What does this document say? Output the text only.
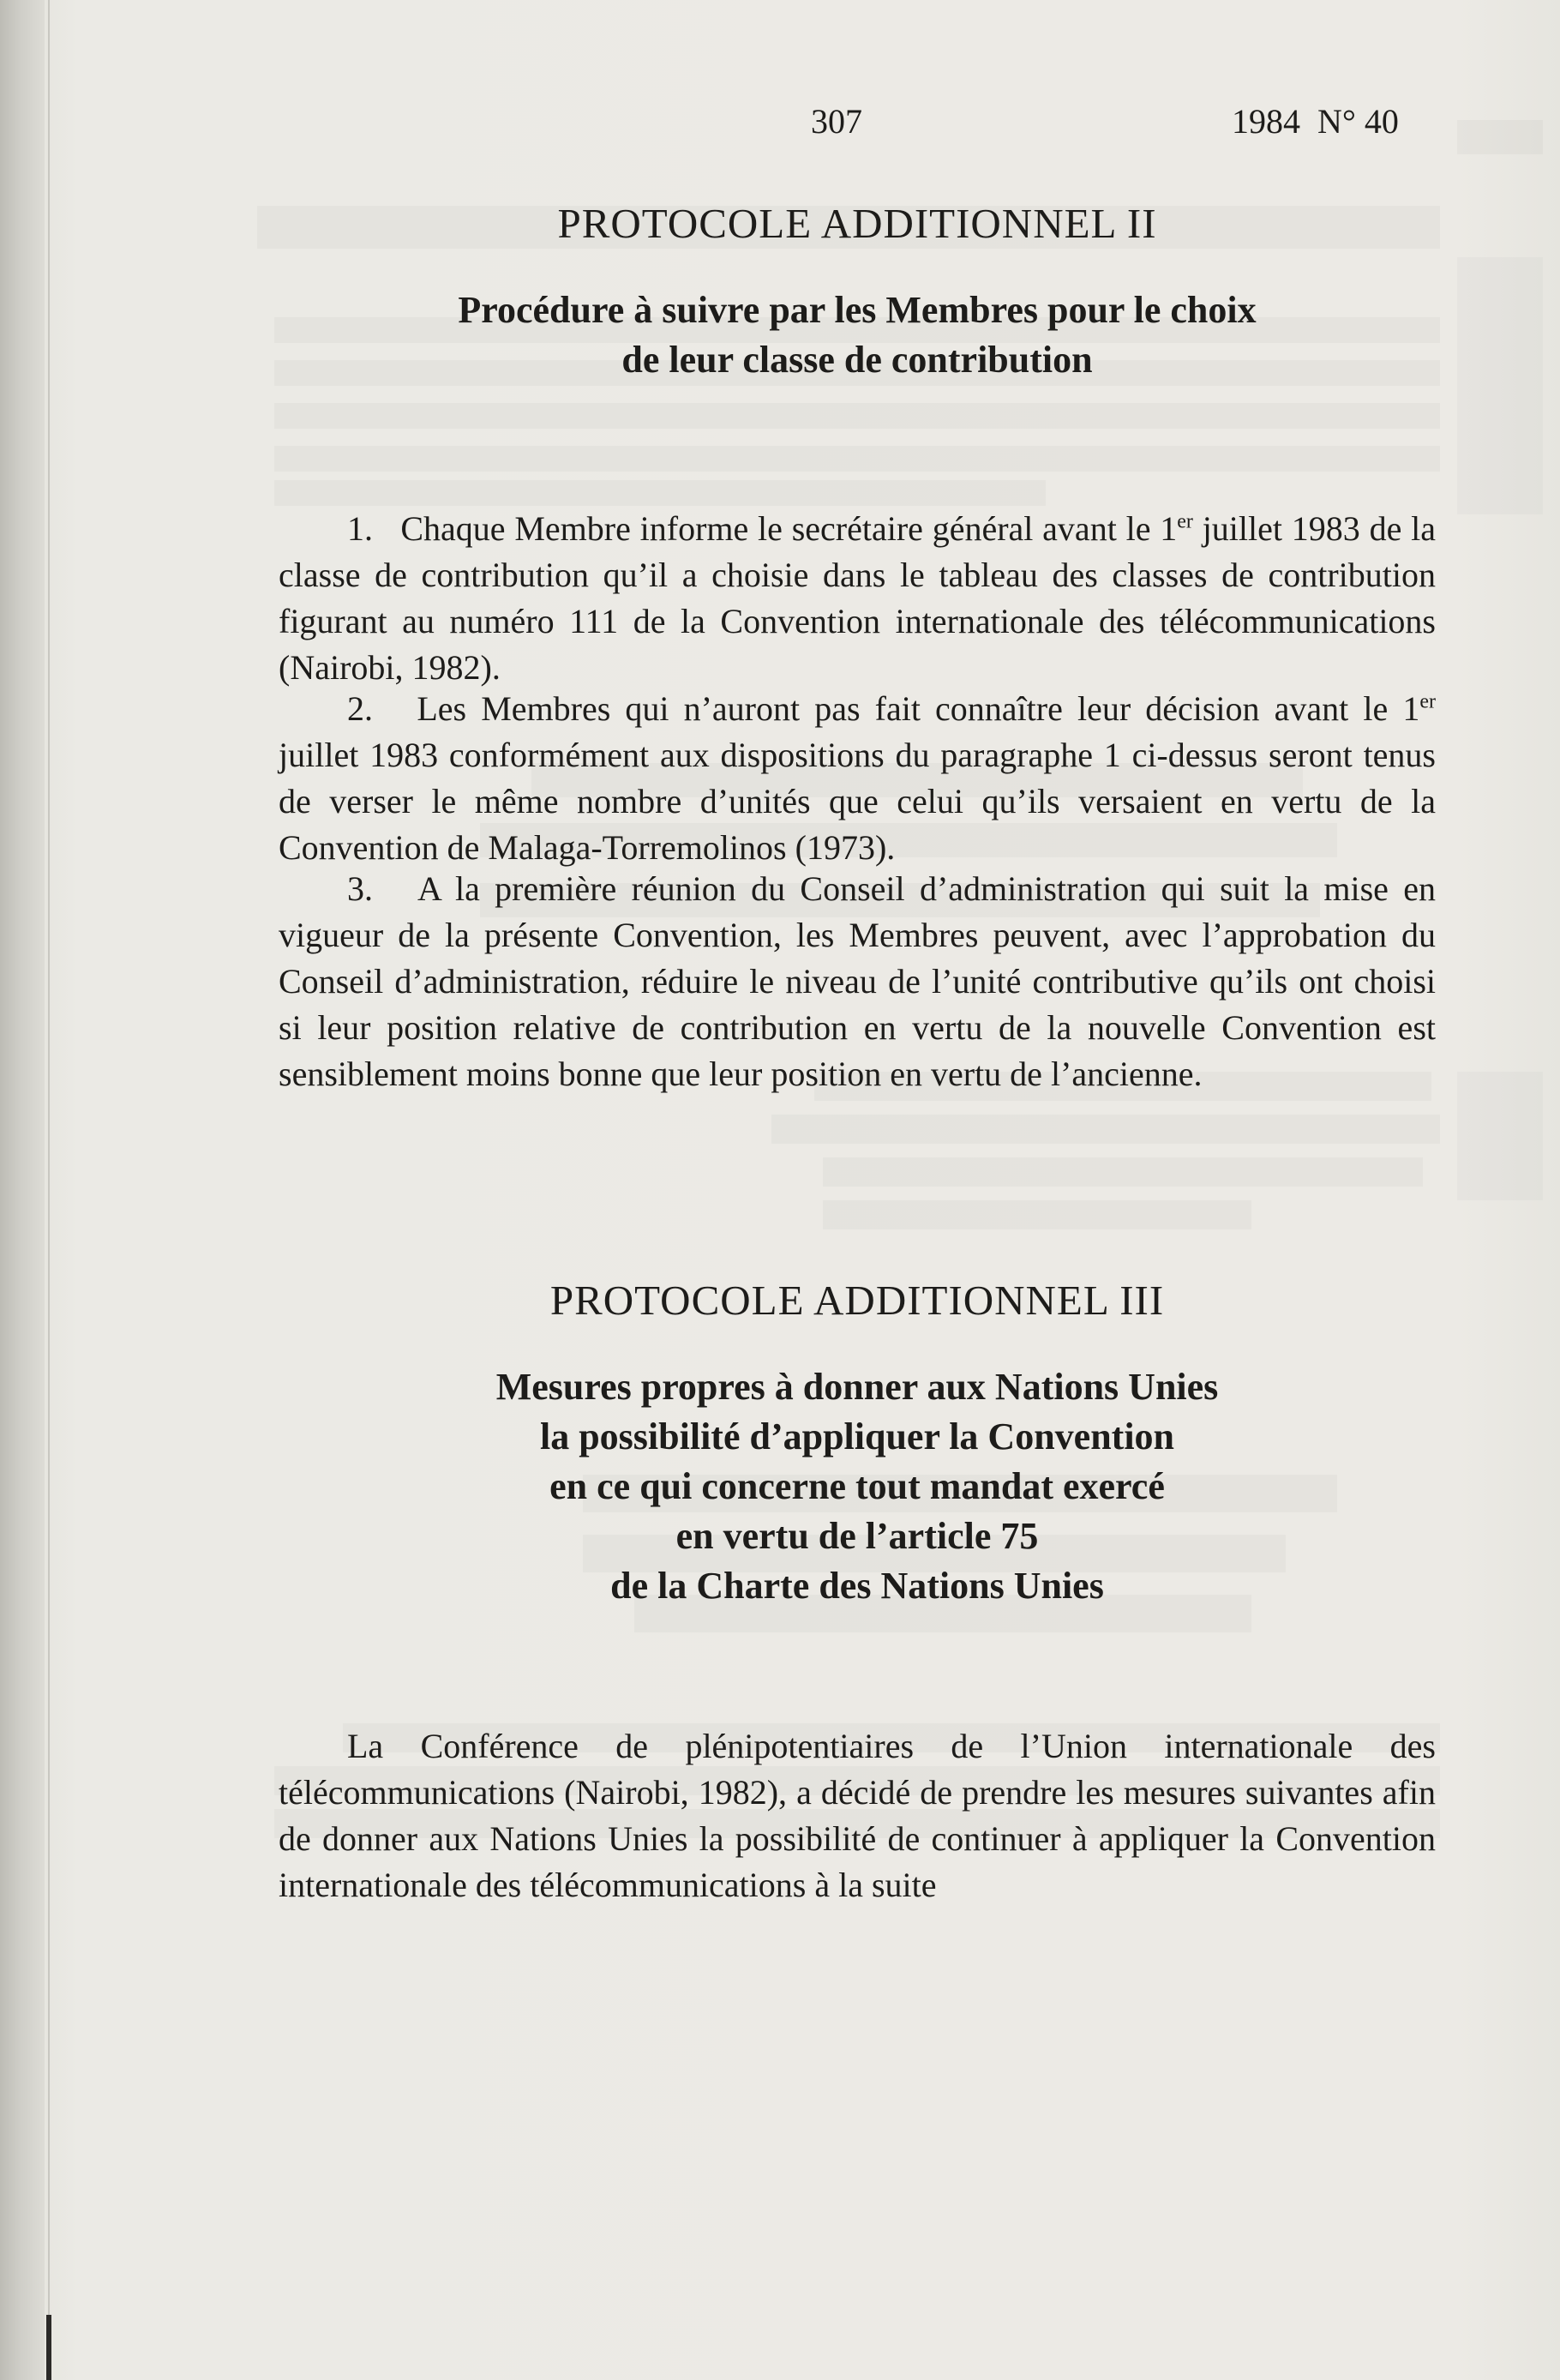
307	1984 N° 40
PROTOCOLE ADDITIONNEL II
Procédure à suivre par les Membres pour le choix
de leur classe de contribution

1. Chaque Membre informe le secrétaire général avant le 1er juillet 1983 de la classe de contribution qu’il a choisie dans le tableau des classes de contribution figurant au numéro 111 de la Convention internationale des télécommunications (Nairobi, 1982).

2. Les Membres qui n’auront pas fait connaître leur décision avant le 1er juillet 1983 conformément aux dispositions du paragraphe 1 ci-dessus seront tenus de verser le même nombre d’unités que celui qu’ils versaient en vertu de la Convention de Malaga-Torremolinos (1973).

3. A la première réunion du Conseil d’administration qui suit la mise en vigueur de la présente Convention, les Membres peuvent, avec l’approbation du Conseil d’administration, réduire le niveau de l’unité contributive qu’ils ont choisi si leur position relative de contribution en vertu de la nouvelle Convention est sensiblement moins bonne que leur position en vertu de l’ancienne.

PROTOCOLE ADDITIONNEL III
Mesures propres à donner aux Nations Unies
la possibilité d’appliquer la Convention
en ce qui concerne tout mandat exercé
en vertu de l’article 75
de la Charte des Nations Unies

La Conférence de plénipotentiaires de l’Union internationale des télécommunications (Nairobi, 1982), a décidé de prendre les mesures suivantes afin de donner aux Nations Unies la possibilité de continuer à appliquer la Convention internationale des télécommunications à la suite
